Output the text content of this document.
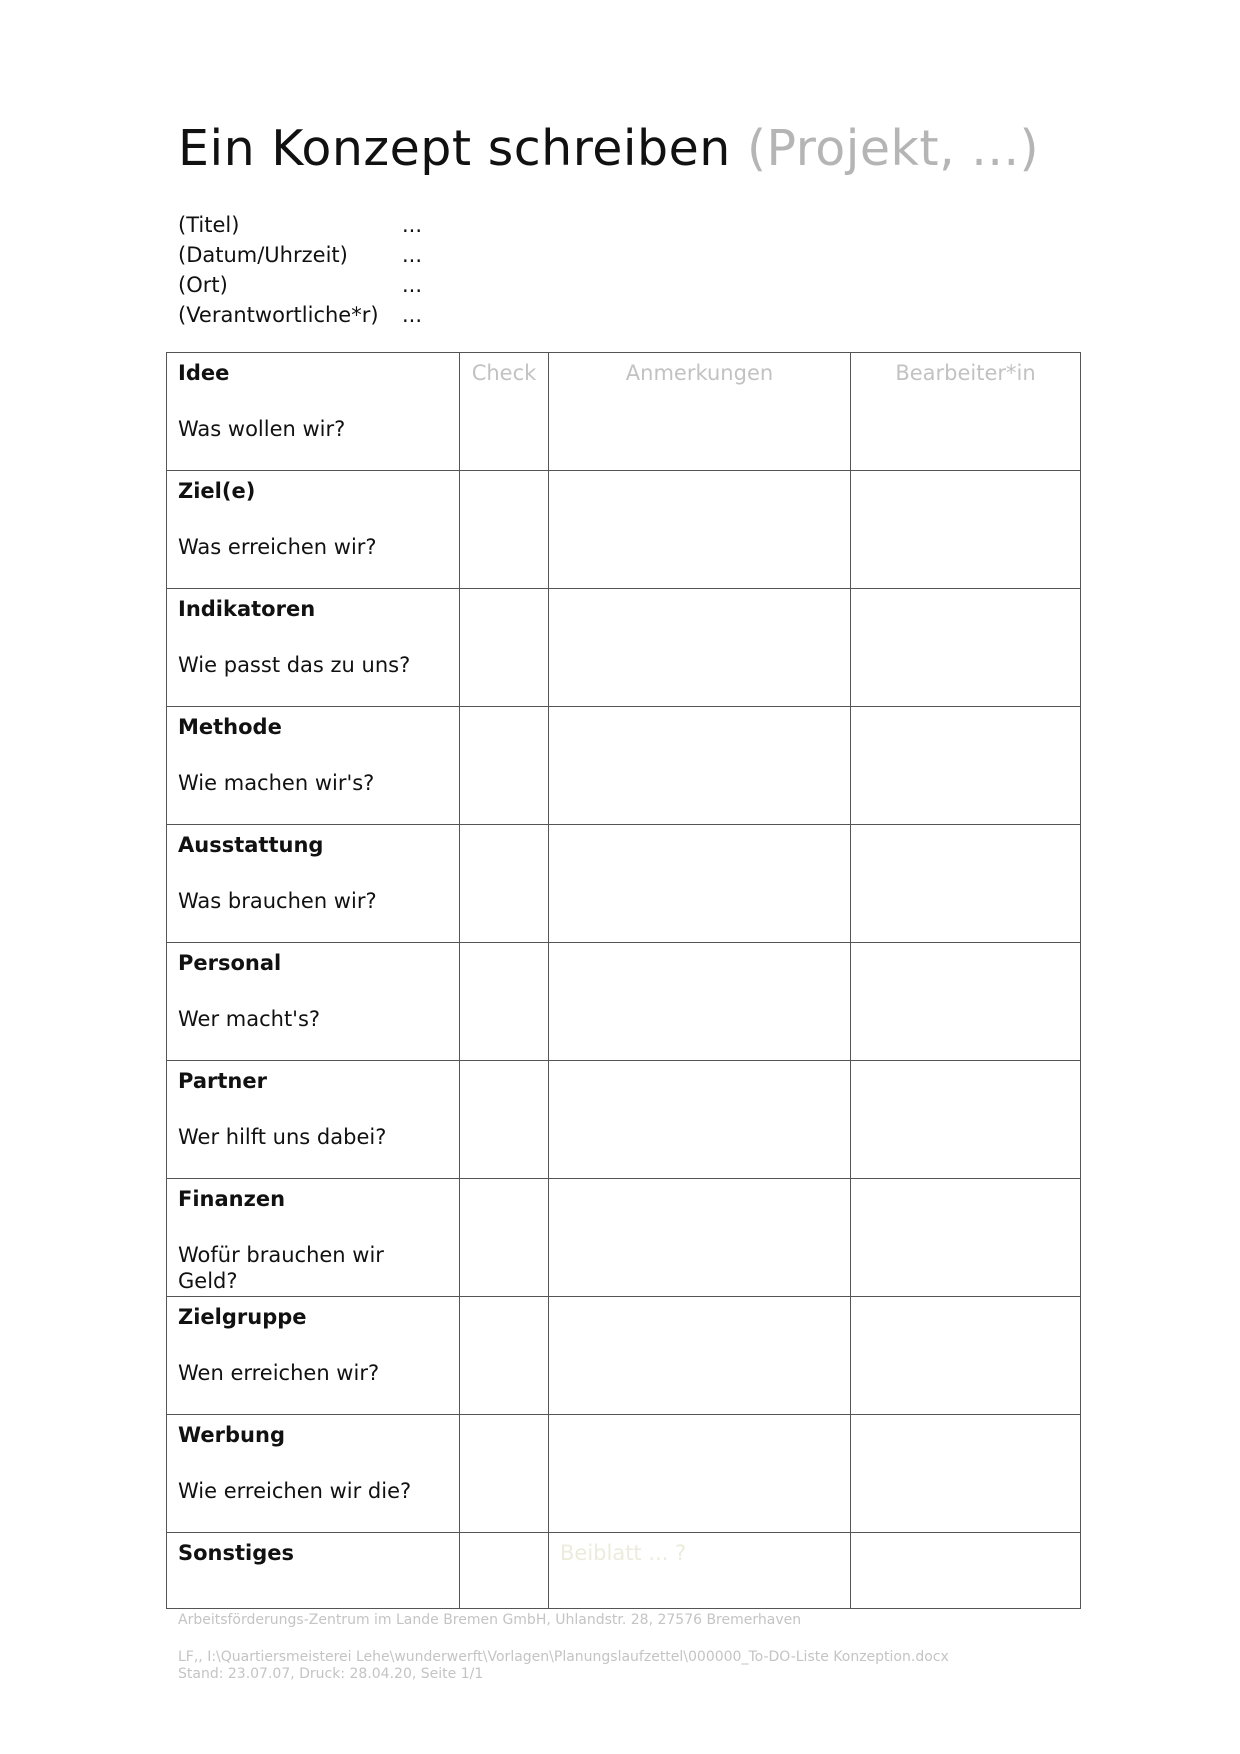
Ein Konzept schreiben (Projekt, ...)
(Titel)	...
(Datum/Uhrzeit)	...
(Ort)	...
(Verantwortliche*r)	...
Idee
Was wollen wir?	Check	Anmerkungen	Bearbeiter*in

Ziel(e)
Was erreichen wir?			

Indikatoren
Wie passt das zu uns?			

Methode
Wie machen wir's?			

Ausstattung
Was brauchen wir?			

Personal
Wer macht's?			

Partner
Wer hilft uns dabei?			

Finanzen
Wofür brauchen wir Geld?			

Zielgruppe
Wen erreichen wir?			

Werbung
Wie erreichen wir die?			

Sonstiges		Beiblatt ... ?	
Arbeitsförderungs-Zentrum im Lande Bremen GmbH, Uhlandstr. 28, 27576 Bremerhaven
LF,, I:\Quartiersmeisterei Lehe\wunderwerft\Vorlagen\Planungslaufzettel\000000_To-DO-Liste Konzeption.docx
Stand: 23.07.07, Druck: 28.04.20, Seite 1/1
